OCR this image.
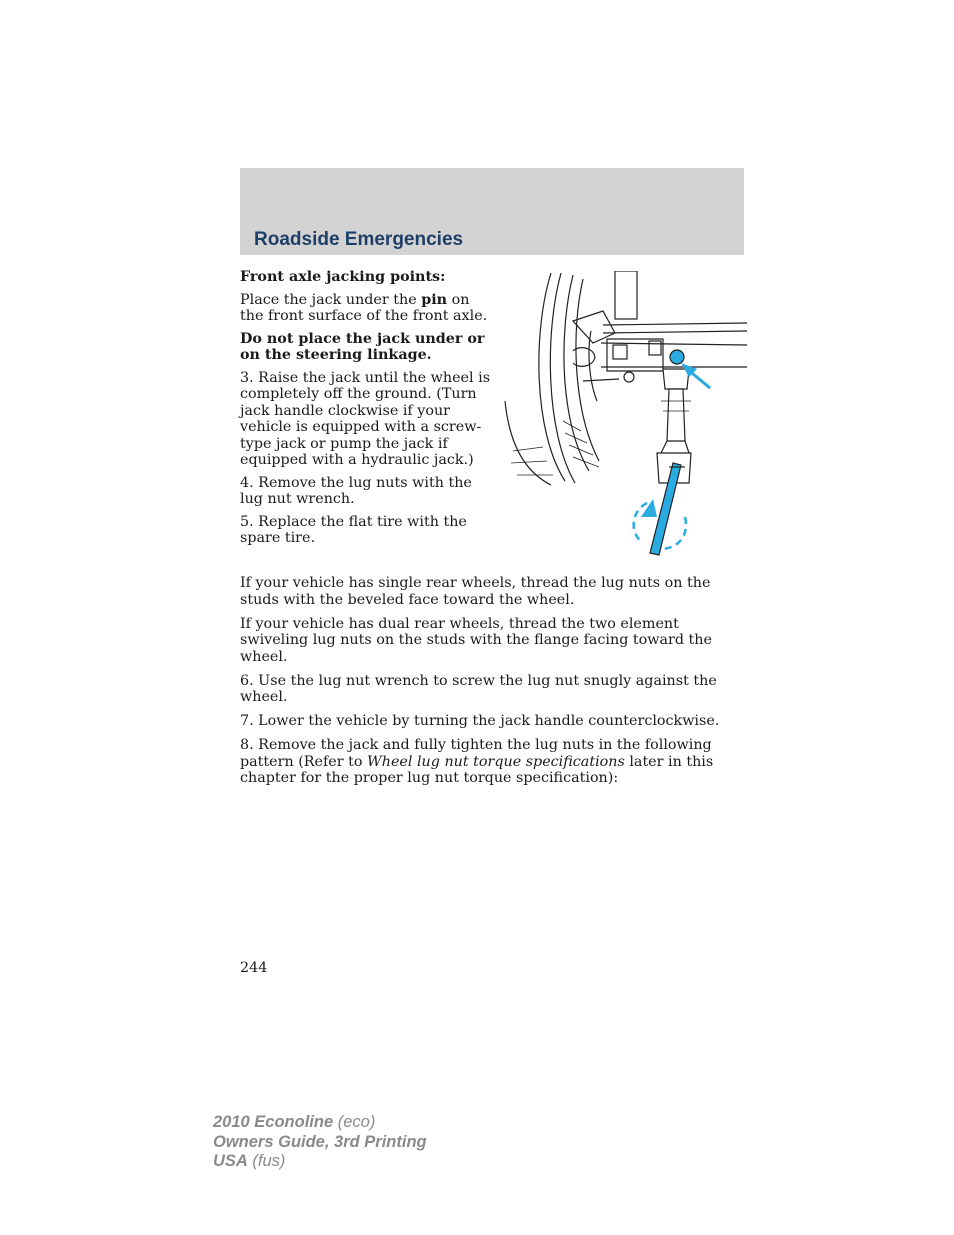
Roadside Emergencies

Front axle jacking points:

Place the jack under the pin on the front surface of the front axle.

Do not place the jack under or on the steering linkage.

3. Raise the jack until the wheel is completely off the ground. (Turn jack handle clockwise if your vehicle is equipped with a screw-type jack or pump the jack if equipped with a hydraulic jack.)

4. Remove the lug nuts with the lug nut wrench.

5. Replace the flat tire with the spare tire.

If your vehicle has single rear wheels, thread the lug nuts on the studs with the beveled face toward the wheel.

If your vehicle has dual rear wheels, thread the two element swiveling lug nuts on the studs with the flange facing toward the wheel.

6. Use the lug nut wrench to screw the lug nut snugly against the wheel.

7. Lower the vehicle by turning the jack handle counterclockwise.

8. Remove the jack and fully tighten the lug nuts in the following pattern (Refer to Wheel lug nut torque specifications later in this chapter for the proper lug nut torque specification):

244
2010 Econoline (eco)
Owners Guide, 3rd Printing
USA (fus)
